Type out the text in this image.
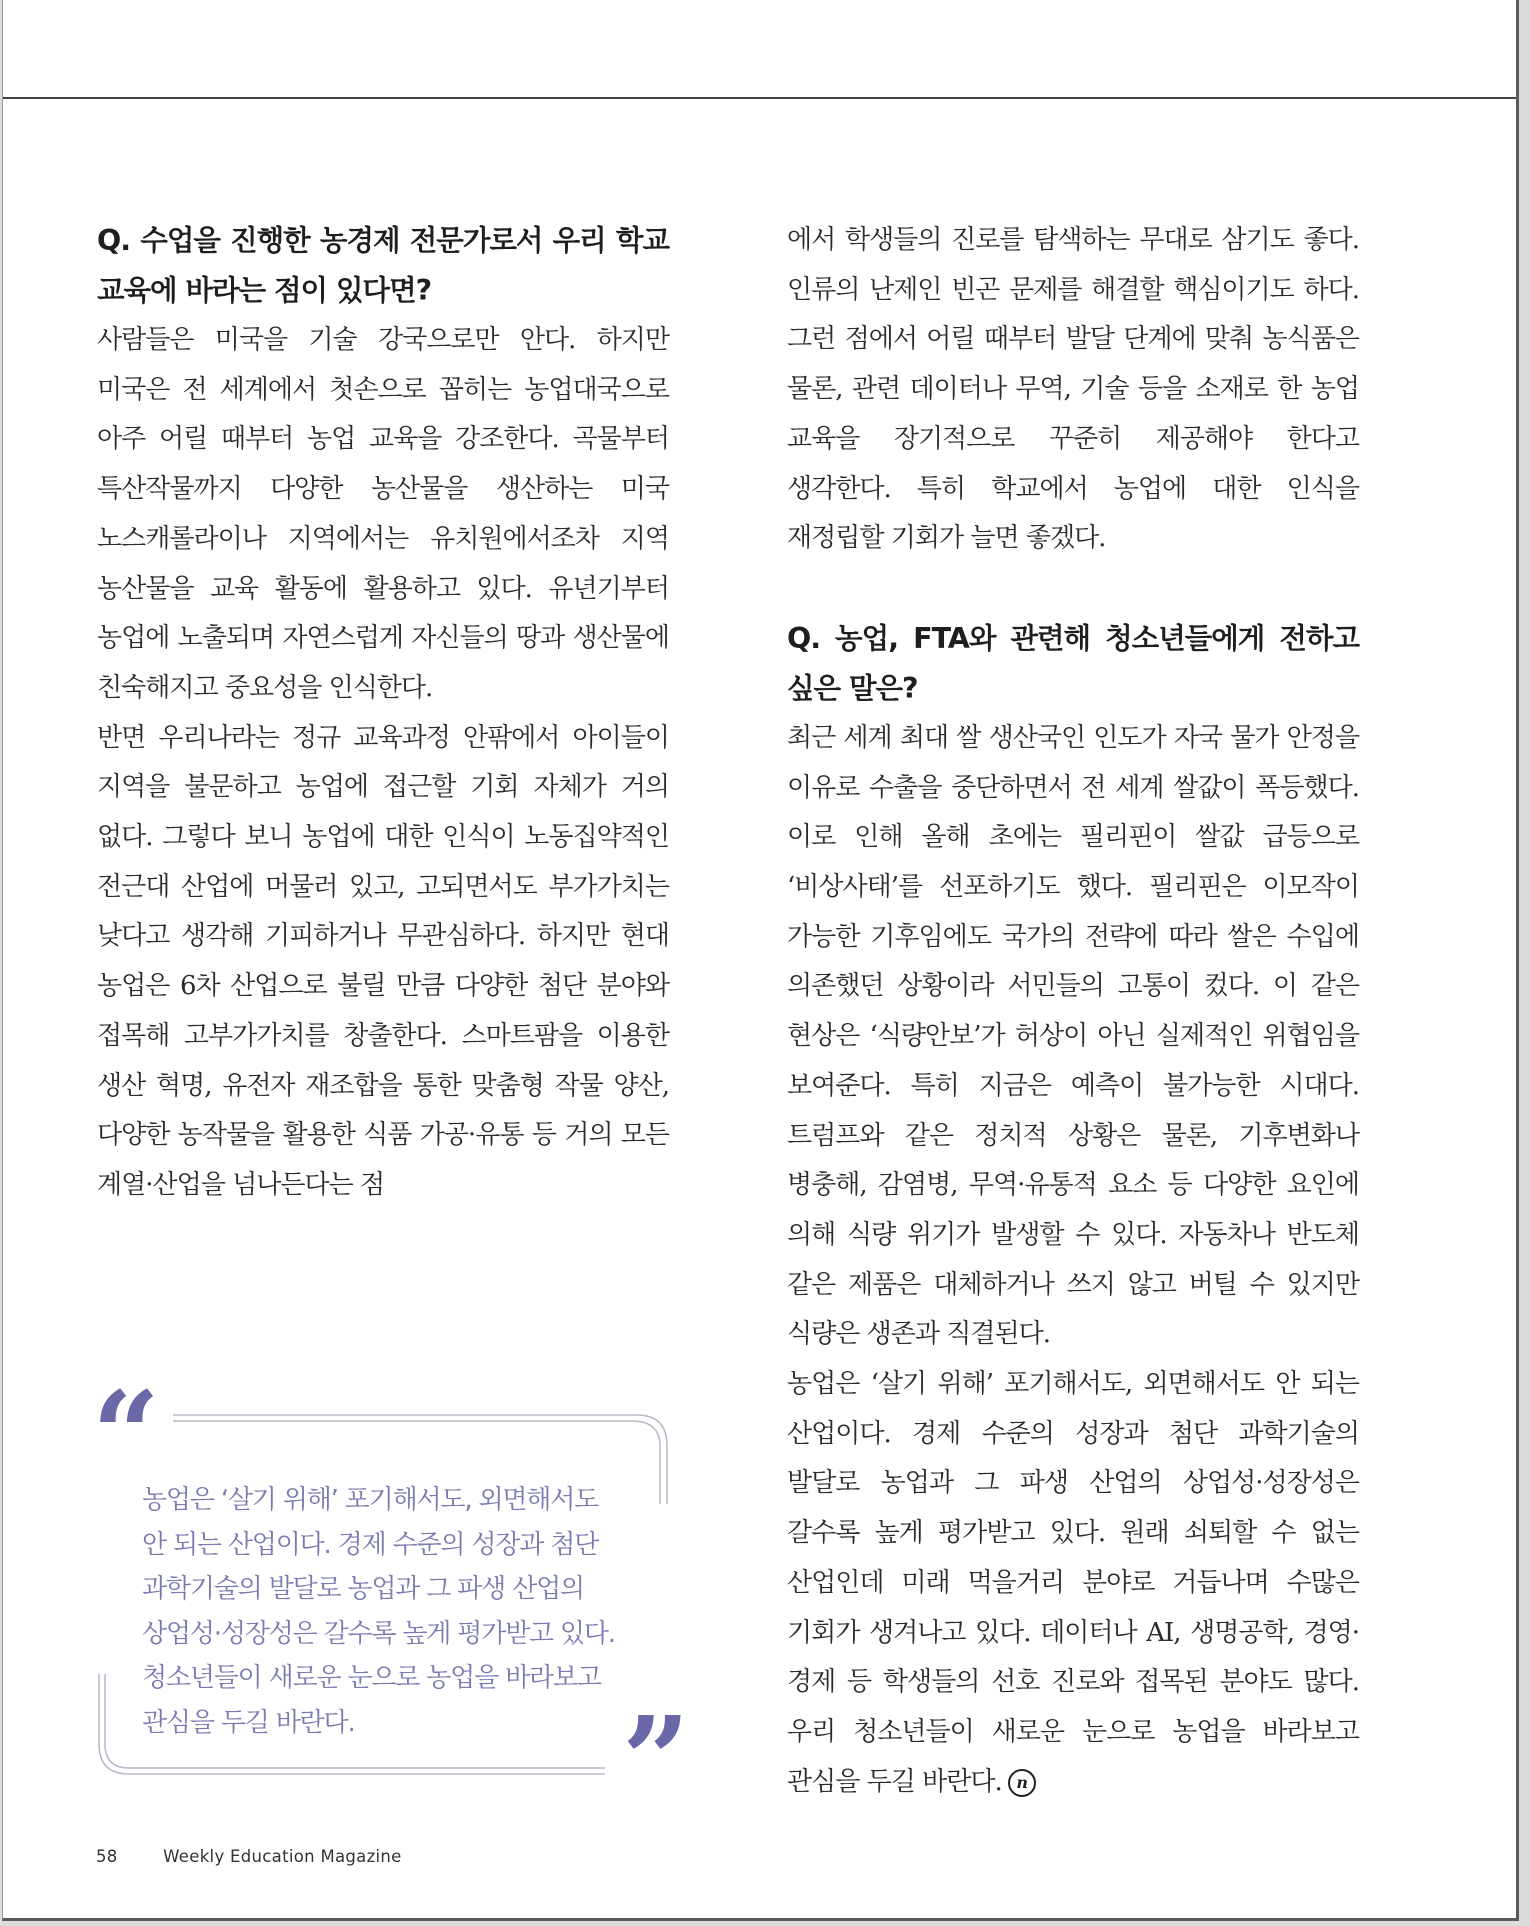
Q. 수업을 진행한 농경제 전문가로서 우리 학교 교육에 바라는 점이 있다면?

사람들은 미국을 기술 강국으로만 안다. 하지만 미국은 전 세계에서 첫손으로 꼽히는 농업대국으로 아주 어릴 때부터 농업 교육을 강조한다. 곡물부터 특산작물까지 다양한 농산물을 생산하는 미국 노스캐롤라이나 지역에서는 유치원에서조차 지역 농산물을 교육 활동에 활용하고 있다. 유년기부터 농업에 노출되며 자연스럽게 자신들의 땅과 생산물에 친숙해지고 중요성을 인식한다.

반면 우리나라는 정규 교육과정 안팎에서 아이들이 지역을 불문하고 농업에 접근할 기회 자체가 거의 없다. 그렇다 보니 농업에 대한 인식이 노동집약적인 전근대 산업에 머물러 있고, 고되면서도 부가가치는 낮다고 생각해 기피하거나 무관심하다. 하지만 현대 농업은 6차 산업으로 불릴 만큼 다양한 첨단 분야와 접목해 고부가가치를 창출한다. 스마트팜을 이용한 생산 혁명, 유전자 재조합을 통한 맞춤형 작물 양산, 다양한 농작물을 활용한 식품 가공·유통 등 거의 모든 계열·산업을 넘나든다는 점

“

농업은 ‘살기 위해’ 포기해서도, 외면해서도 안 되는 산업이다. 경제 수준의 성장과 첨단 과학기술의 발달로 농업과 그 파생 산업의 상업성·성장성은 갈수록 높게 평가받고 있다. 청소년들이 새로운 눈으로 농업을 바라보고 관심을 두길 바란다.	”

에서 학생들의 진로를 탐색하는 무대로 삼기도 좋다. 인류의 난제인 빈곤 문제를 해결할 핵심이기도 하다. 그런 점에서 어릴 때부터 발달 단계에 맞춰 농식품은 물론, 관련 데이터나 무역, 기술 등을 소재로 한 농업 교육을 장기적으로 꾸준히 제공해야 한다고 생각한다. 특히 학교에서 농업에 대한 인식을 재정립할 기회가 늘면 좋겠다.

Q. 농업, FTA와 관련해 청소년들에게 전하고 싶은 말은?

최근 세계 최대 쌀 생산국인 인도가 자국 물가 안정을 이유로 수출을 중단하면서 전 세계 쌀값이 폭등했다. 이로 인해 올해 초에는 필리핀이 쌀값 급등으로 ‘비상사태’를 선포하기도 했다. 필리핀은 이모작이 가능한 기후임에도 국가의 전략에 따라 쌀은 수입에 의존했던 상황이라 서민들의 고통이 컸다. 이 같은 현상은 ‘식량안보’가 허상이 아닌 실제적인 위협임을 보여준다. 특히 지금은 예측이 불가능한 시대다. 트럼프와 같은 정치적 상황은 물론, 기후변화나 병충해, 감염병, 무역·유통적 요소 등 다양한 요인에 의해 식량 위기가 발생할 수 있다. 자동차나 반도체 같은 제품은 대체하거나 쓰지 않고 버틸 수 있지만 식량은 생존과 직결된다.

농업은 ‘살기 위해’ 포기해서도, 외면해서도 안 되는 산업이다. 경제 수준의 성장과 첨단 과학기술의 발달로 농업과 그 파생 산업의 상업성·성장성은 갈수록 높게 평가받고 있다. 원래 쇠퇴할 수 없는 산업인데 미래 먹을거리 분야로 거듭나며 수많은 기회가 생겨나고 있다. 데이터나 AI, 생명공학, 경영·경제 등 학생들의 선호 진로와 접목된 분야도 많다. 우리 청소년들이 새로운 눈으로 농업을 바라보고 관심을 두길 바란다. n

58	Weekly Education Magazine
